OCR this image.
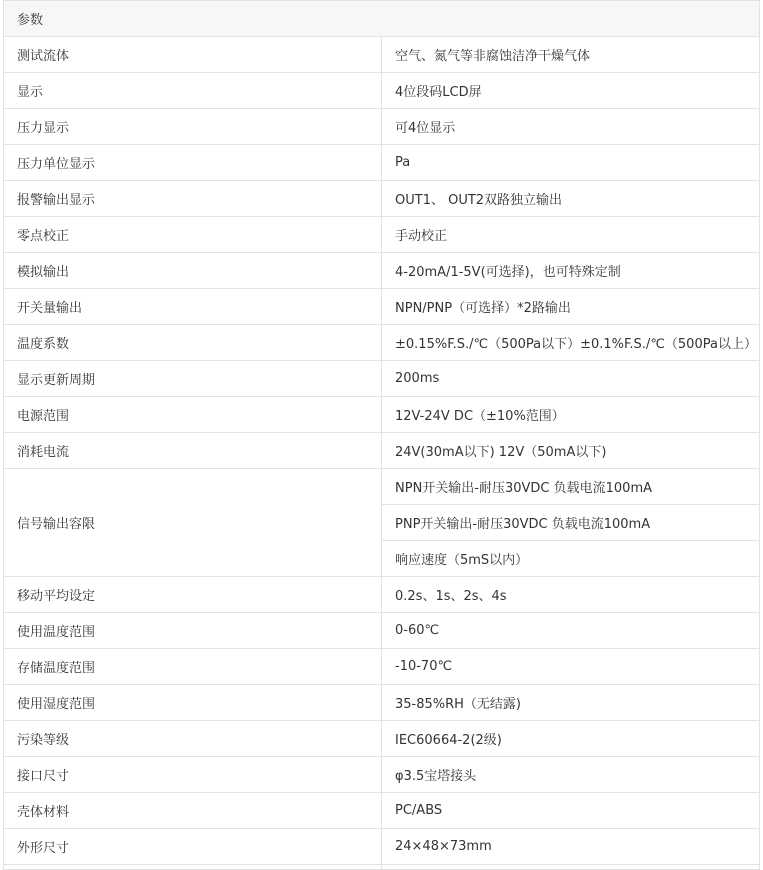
参数	
测试流体	空气、氮气等非腐蚀洁净干燥气体
显示	4位段码LCD屏
压力显示	可4位显示
压力单位显示	Pa
报警输出显示	OUT1、 OUT2双路独立输出
零点校正	手动校正
模拟输出	4-20mA/1-5V(可选择)，也可特殊定制
开关量输出	NPN/PNP（可选择）*2路输出
温度系数	±0.15%F.S./℃（500Pa以下）±0.1%F.S./℃（500Pa以上）
显示更新周期	200ms
电源范围	12V-24V DC（±10%范围）
消耗电流	24V(30mA以下) 12V（50mA以下)
信号输出容限	NPN开关输出-耐压30VDC 负载电流100mA
	PNP开关输出-耐压30VDC 负载电流100mA
	响应速度（5mS以内）
移动平均设定	0.2s、1s、2s、4s
使用温度范围	0-60℃
存储温度范围	-10-70℃
使用湿度范围	35-85%RH（无结露)
污染等级	IEC60664-2(2级)
接口尺寸	φ3.5宝塔接头
壳体材料	PC/ABS
外形尺寸	24×48×73mm
